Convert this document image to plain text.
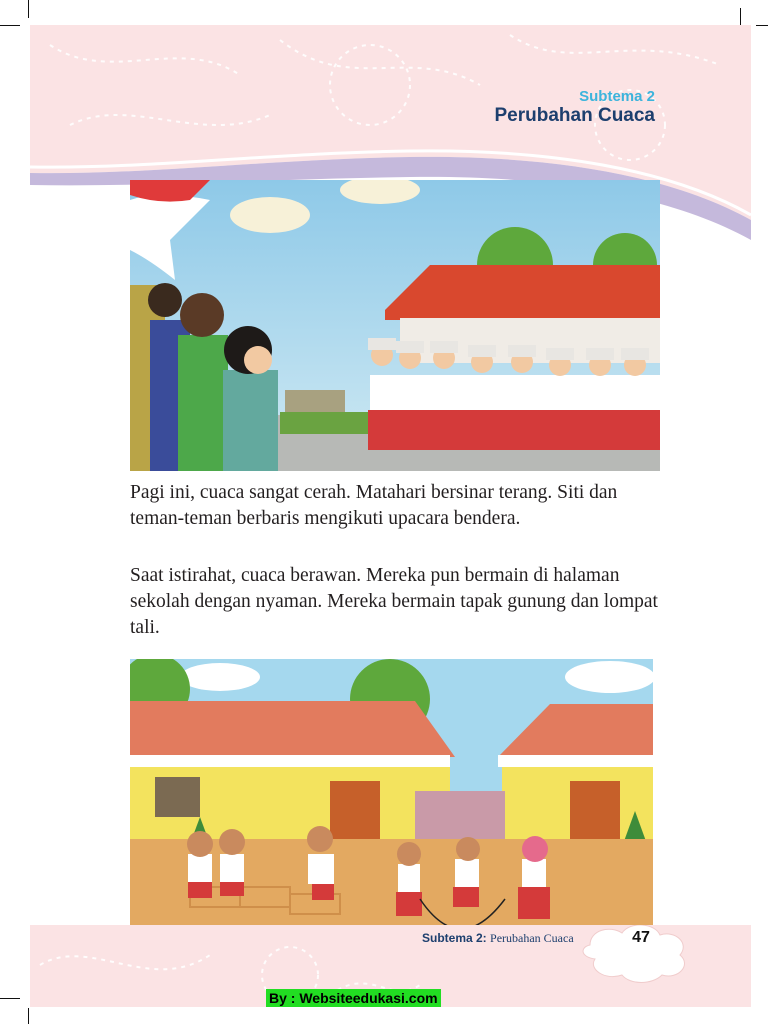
Subtema 2
Perubahan Cuaca

Pagi ini, cuaca sangat cerah. Matahari bersinar terang. Siti dan teman-teman berbaris mengikuti upacara bendera.

Saat istirahat, cuaca berawan. Mereka pun bermain di halaman sekolah dengan nyaman. Mereka bermain tapak gunung dan lompat tali.

Subtema 2: Perubahan Cuaca	47
By : Websiteedukasi.com
